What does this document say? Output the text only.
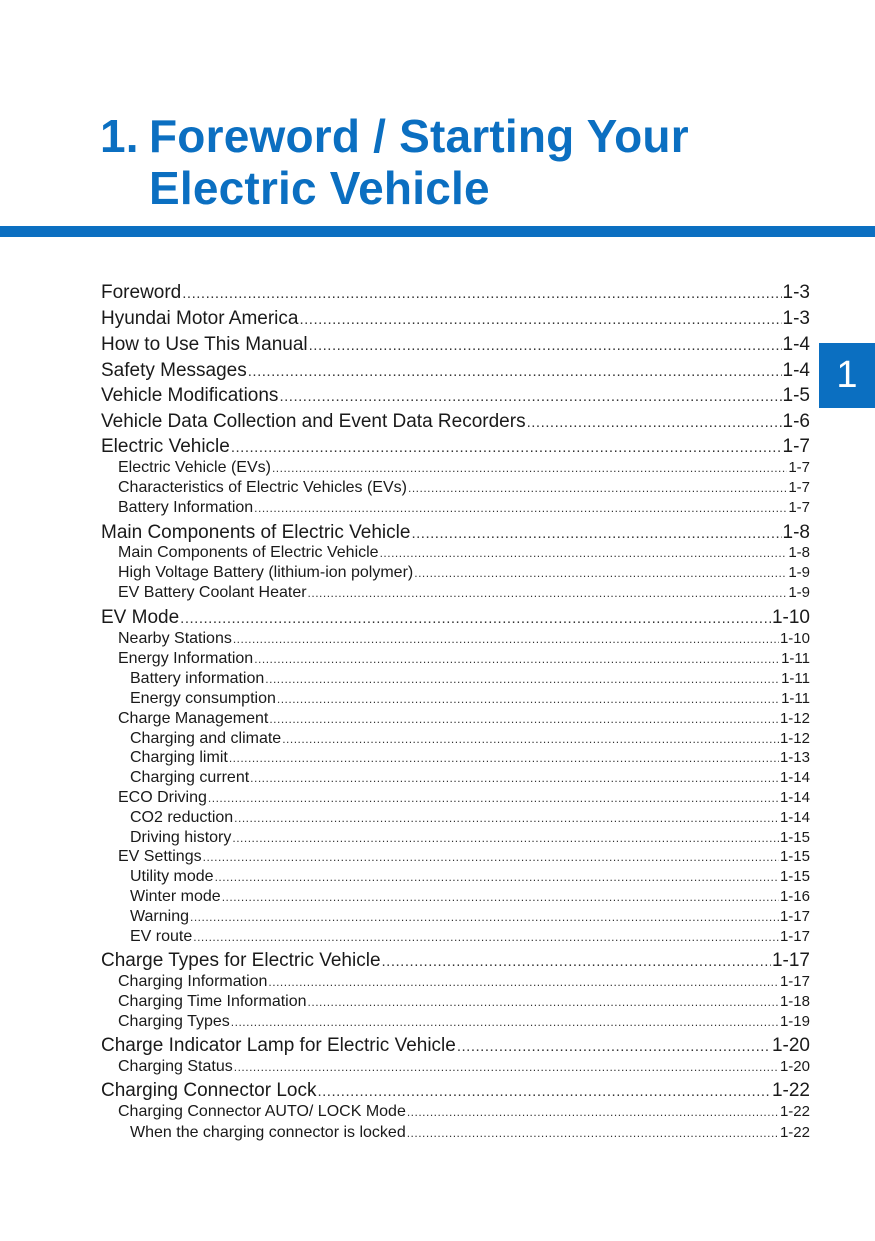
1. Foreword / Starting Your
Electric Vehicle
1
Foreword .....	1-3
Hyundai Motor America .....	1-3
How to Use This Manual .....	1-4
Safety Messages .....	1-4
Vehicle Modifications .....	1-5
Vehicle Data Collection and Event Data Recorders .....	1-6
Electric Vehicle .....	1-7
Electric Vehicle (EVs) .....	1-7
Characteristics of Electric Vehicles (EVs) .....	1-7
Battery Information .....	1-7
Main Components of Electric Vehicle .....	1-8
Main Components of Electric Vehicle .....	1-8
High Voltage Battery (lithium-ion polymer) .....	1-9
EV Battery Coolant Heater .....	1-9
EV Mode .....	1-10
Nearby Stations .....	1-10
Energy Information .....	1-11
Battery information .....	1-11
Energy consumption .....	1-11
Charge Management .....	1-12
Charging and climate .....	1-12
Charging limit .....	1-13
Charging current .....	1-14
ECO Driving .....	1-14
CO2 reduction .....	1-14
Driving history .....	1-15
EV Settings .....	1-15
Utility mode .....	1-15
Winter mode .....	1-16
Warning .....	1-17
EV route .....	1-17
Charge Types for Electric Vehicle .....	1-17
Charging Information .....	1-17
Charging Time Information .....	1-18
Charging Types .....	1-19
Charge Indicator Lamp for Electric Vehicle .....	1-20
Charging Status .....	1-20
Charging Connector Lock .....	1-22
Charging Connector AUTO/ LOCK Mode .....	1-22
When the charging connector is locked .....	1-22
